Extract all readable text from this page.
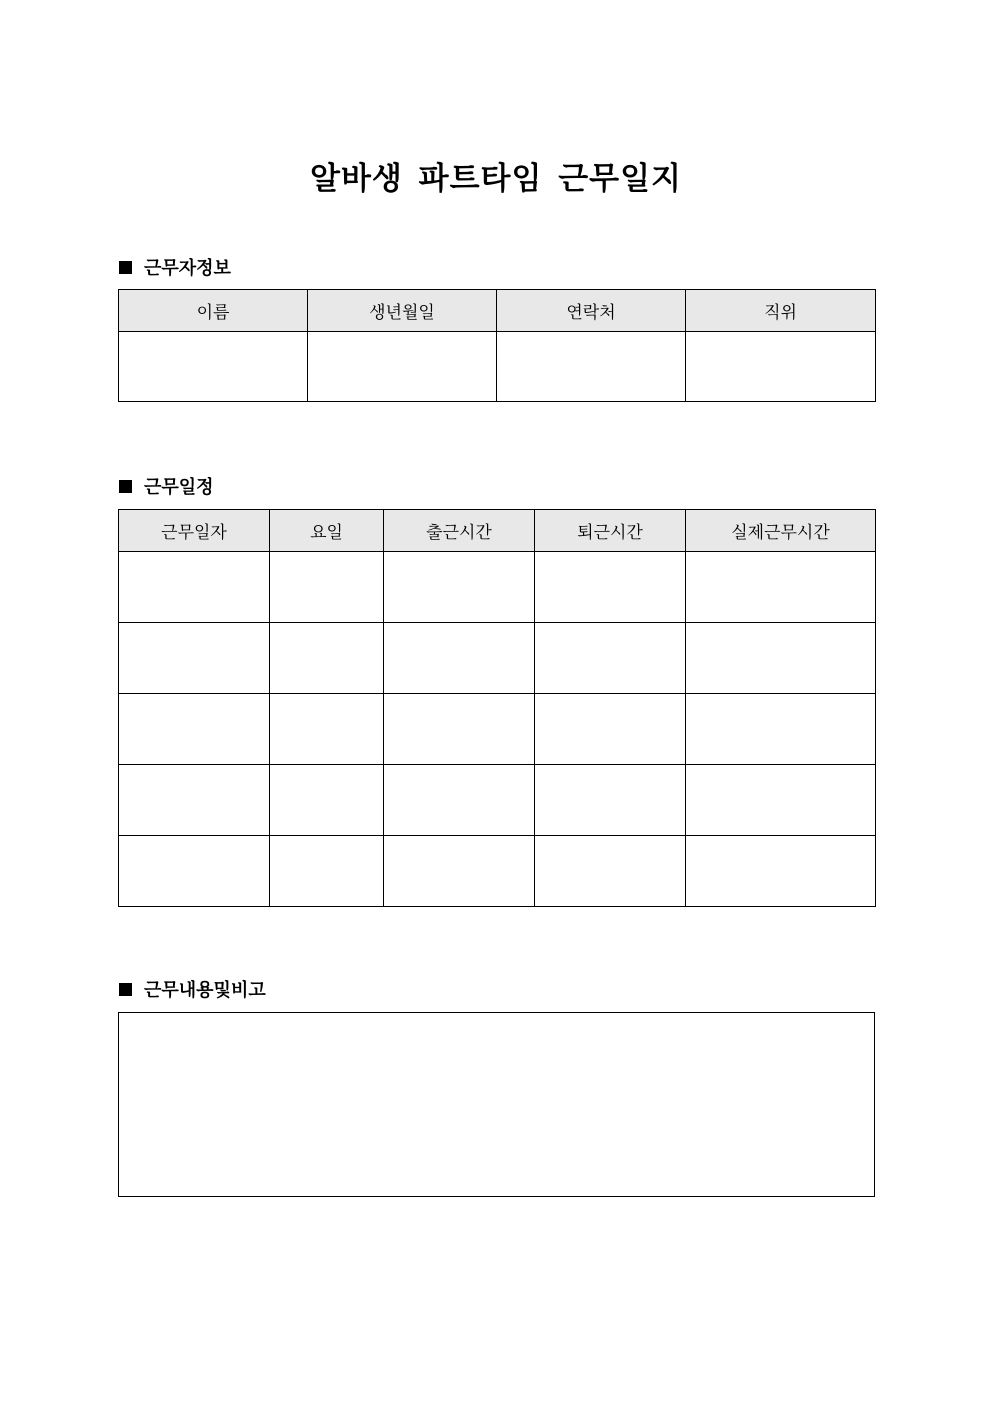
알바생 파트타임 근무일지
근무자정보
이름	생년월일	연락처	직위

근무일정
근무일자	요일	출근시간	퇴근시간	실제근무시간

근무내용및비고
